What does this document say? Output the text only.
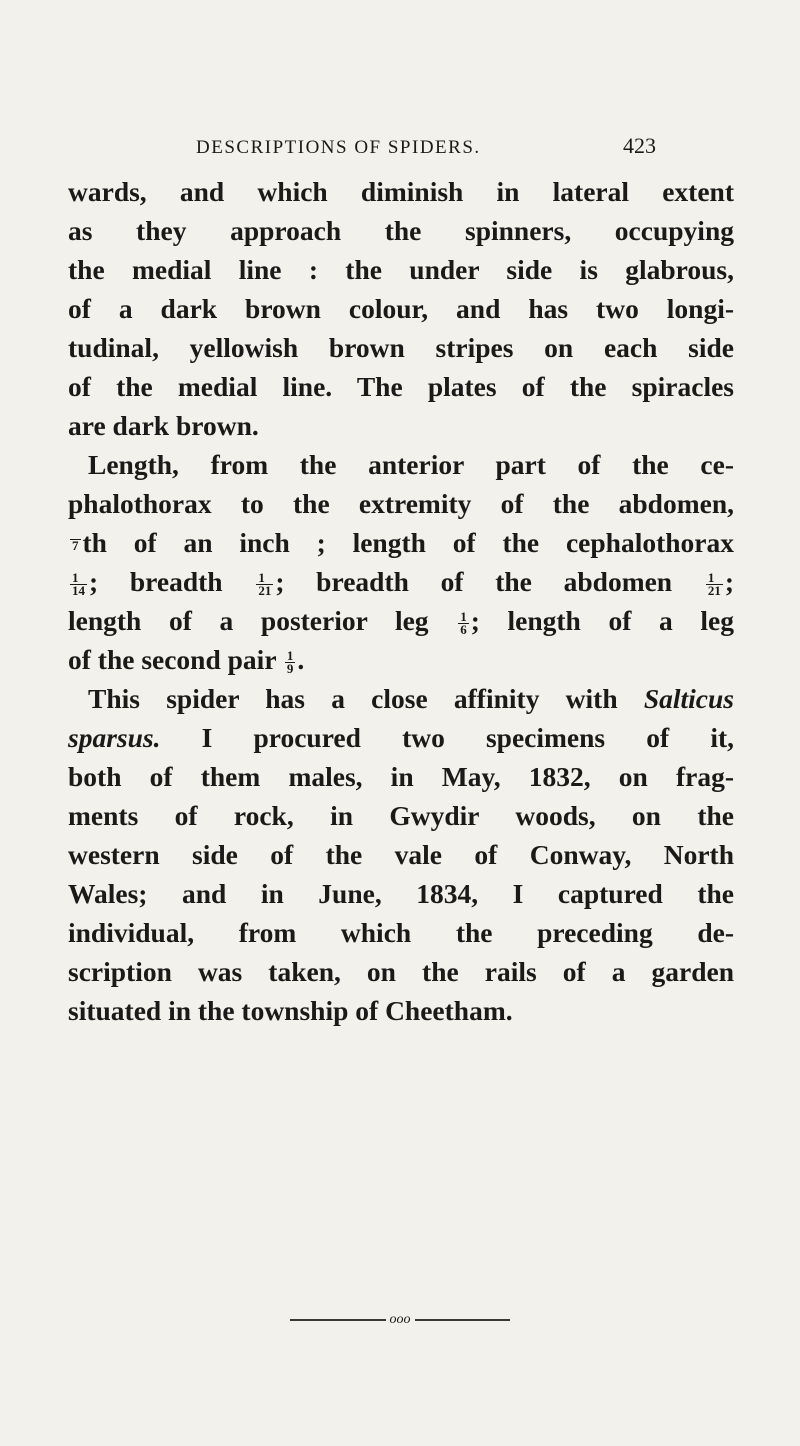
DESCRIPTIONS OF SPIDERS.	423
wards, and which diminish in lateral extent
as they approach the spinners, occupying
the medial line : the under side is glabrous,
of a dark brown colour, and has two longi-
tudinal, yellowish brown stripes on each side
of the medial line. The plates of the spiracles
are dark brown.
Length, from the anterior part of the ce-
phalothorax to the extremity of the abdomen,
7 th of an inch ; length of the cephalothorax
$\frac{1}{14}$ ; breadth	$\frac{1}{21}$ ; breadth of the abdomen	$\frac{1}{21}$ ;
length of a posterior leg $\frac{1}{6}$ ; length of a leg
of the second pair $\frac{1}{9}$ .
This spider has a close affinity with Salticus
sparsus. I procured two specimens of it,
both of them males, in May, 1832, on frag-
ments of rock, in Gwydir woods, on the
western side of the vale of Conway, North
Wales; and in June, 1834, I captured the
individual, from which the preceding de-
scription was taken, on the rails of a garden
situated in the township of Cheetham.
ooo
